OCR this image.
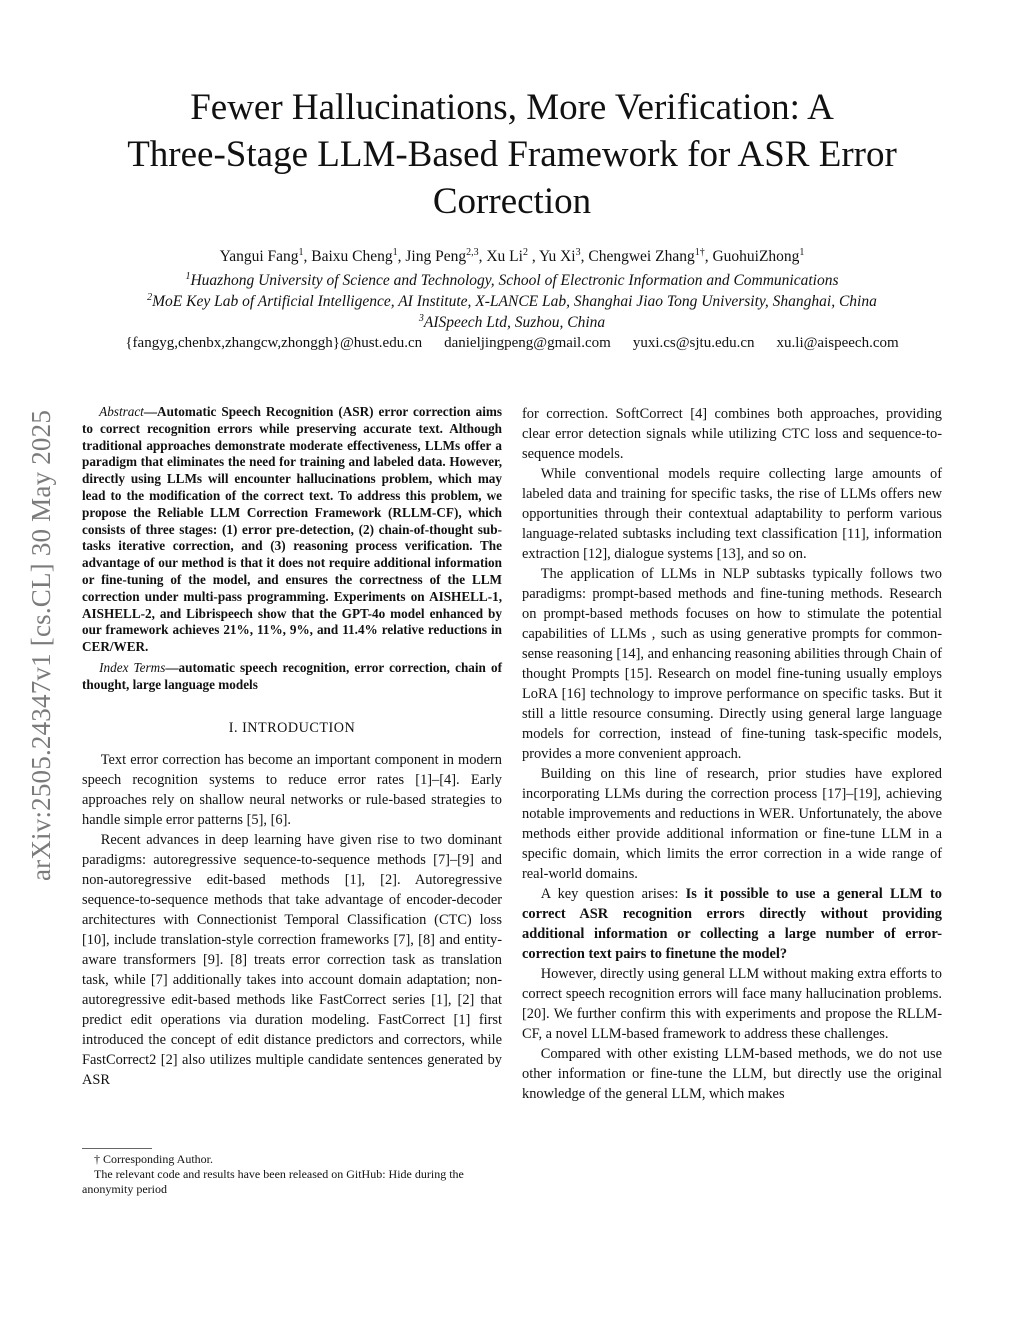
arXiv:2505.24347v1 [cs.CL] 30 May 2025
Fewer Hallucinations, More Verification: A
Three-Stage LLM-Based Framework for ASR Error
Correction
Yangui Fang$^1$, Baixu Cheng$^1$, Jing Peng$^{2,3}$, Xu Li$^2$ , Yu Xi$^3$, Chengwei Zhang$^{1\dagger}$, GuohuiZhong$^1$
$^1$Huazhong University of Science and Technology, School of Electronic Information and Communications
$^2$MoE Key Lab of Artificial Intelligence, AI Institute, X-LANCE Lab, Shanghai Jiao Tong University, Shanghai, China
$^3$AISpeech Ltd, Suzhou, China
{fangyg,chenbx,zhangcw,zhonggh}@hust.edu.cn danieljingpeng@gmail.com yuxi.cs@sjtu.edu.cn xu.li@aispeech.com

Abstract—Automatic Speech Recognition (ASR) error correction aims to correct recognition errors while preserving accurate text. Although traditional approaches demonstrate moderate effectiveness, LLMs offer a paradigm that eliminates the need for training and labeled data. However, directly using LLMs will encounter hallucinations problem, which may lead to the modification of the correct text. To address this problem, we propose the Reliable LLM Correction Framework (RLLM-CF), which consists of three stages: (1) error pre-detection, (2) chain-of-thought sub-tasks iterative correction, and (3) reasoning process verification. The advantage of our method is that it does not require additional information or fine-tuning of the model, and ensures the correctness of the LLM correction under multi-pass programming. Experiments on AISHELL-1, AISHELL-2, and Librispeech show that the GPT-4o model enhanced by our framework achieves 21%, 11%, 9%, and 11.4% relative reductions in CER/WER.

Index Terms—automatic speech recognition, error correction, chain of thought, large language models

I. INTRODUCTION

Text error correction has become an important component in modern speech recognition systems to reduce error rates [1]–[4]. Early approaches rely on shallow neural networks or rule-based strategies to handle simple error patterns [5], [6].

Recent advances in deep learning have given rise to two dominant paradigms: autoregressive sequence-to-sequence methods [7]–[9] and non-autoregressive edit-based methods [1], [2]. Autoregressive sequence-to-sequence methods that take advantage of encoder-decoder architectures with Connectionist Temporal Classification (CTC) loss [10], include translation-style correction frameworks [7], [8] and entity-aware transformers [9]. [8] treats error correction task as translation task, while [7] additionally takes into account domain adaptation; non-autoregressive edit-based methods like FastCorrect series [1], [2] that predict edit operations via duration modeling. FastCorrect [1] first introduced the concept of edit distance predictors and correctors, while FastCorrect2 [2] also utilizes multiple candidate sentences generated by ASR

† Corresponding Author.

The relevant code and results have been released on GitHub: Hide during the anonymity period

for correction. SoftCorrect [4] combines both approaches, providing clear error detection signals while utilizing CTC loss and sequence-to-sequence models.

While conventional models require collecting large amounts of labeled data and training for specific tasks, the rise of LLMs offers new opportunities through their contextual adaptability to perform various language-related subtasks including text classification [11], information extraction [12], dialogue systems [13], and so on.

The application of LLMs in NLP subtasks typically follows two paradigms: prompt-based methods and fine-tuning methods. Research on prompt-based methods focuses on how to stimulate the potential capabilities of LLMs , such as using generative prompts for common-sense reasoning [14], and enhancing reasoning abilities through Chain of thought Prompts [15]. Research on model fine-tuning usually employs LoRA [16] technology to improve performance on specific tasks. But it still a little resource consuming. Directly using general large language models for correction, instead of fine-tuning task-specific models, provides a more convenient approach.

Building on this line of research, prior studies have explored incorporating LLMs during the correction process [17]–[19], achieving notable improvements and reductions in WER. Unfortunately, the above methods either provide additional information or fine-tune LLM in a specific domain, which limits the error correction in a wide range of real-world domains.

A key question arises: Is it possible to use a general LLM to correct ASR recognition errors directly without providing additional information or collecting a large number of error-correction text pairs to finetune the model?

However, directly using general LLM without making extra efforts to correct speech recognition errors will face many hallucination problems. [20]. We further confirm this with experiments and propose the RLLM-CF, a novel LLM-based framework to address these challenges.

Compared with other existing LLM-based methods, we do not use other information or fine-tune the LLM, but directly use the original knowledge of the general LLM, which makes
